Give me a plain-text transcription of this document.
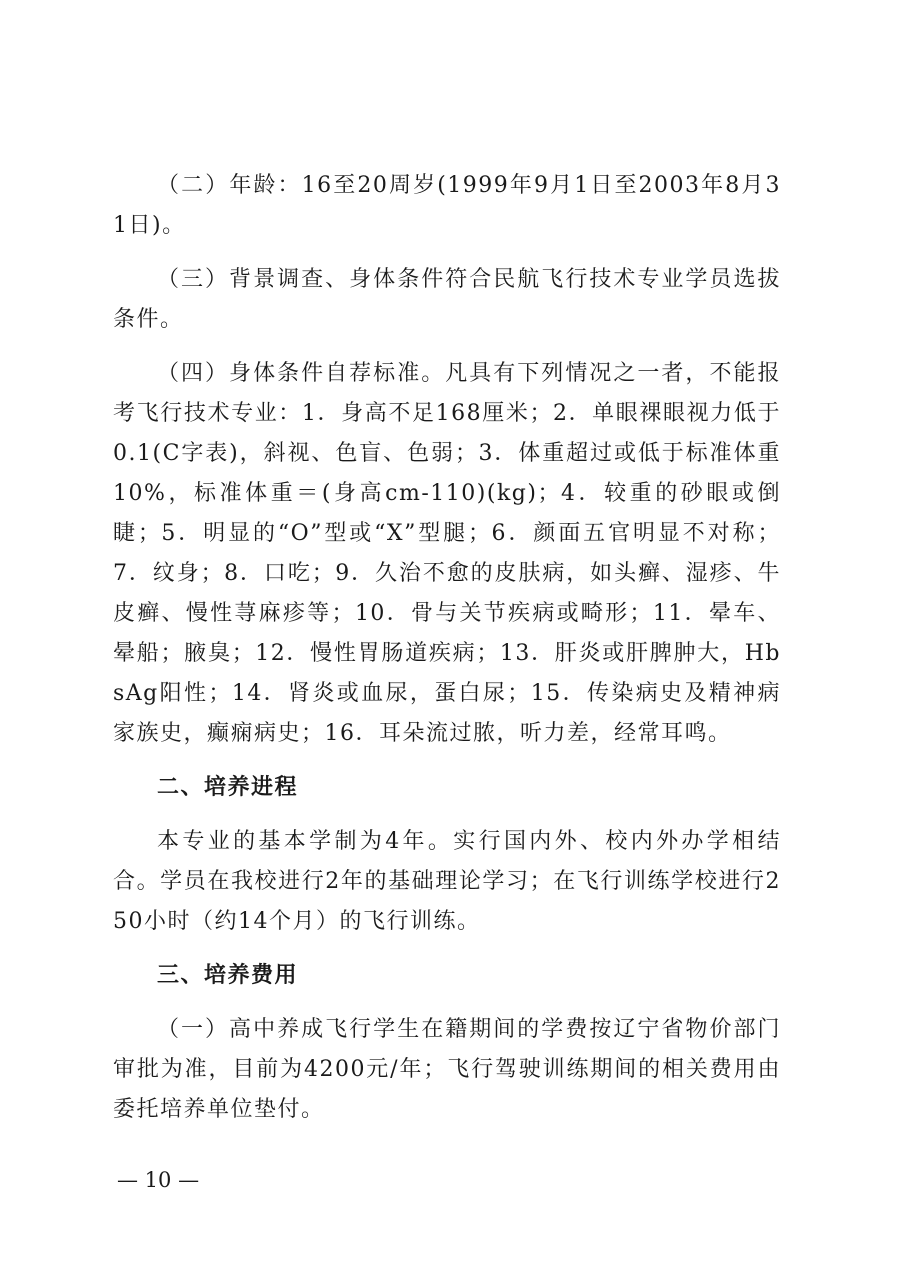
（二）年龄：16至20周岁(1999年9月1日至2003年8月31日)。

（三）背景调查、身体条件符合民航飞行技术专业学员选拔条件。

（四）身体条件自荐标准。凡具有下列情况之一者，不能报考飞行技术专业：1．身高不足168厘米；2．单眼裸眼视力低于0.1(C字表)，斜视、色盲、色弱；3．体重超过或低于标准体重10%，标准体重＝(身高cm-110)(kg)；4．较重的砂眼或倒睫；5．明显的“O”型或“X”型腿；6．颜面五官明显不对称；7．纹身；8．口吃；9．久治不愈的皮肤病，如头癣、湿疹、牛皮癣、慢性荨麻疹等；10．骨与关节疾病或畸形；11．晕车、晕船；腋臭；12．慢性胃肠道疾病；13．肝炎或肝脾肿大，HbsAg阳性；14．肾炎或血尿，蛋白尿；15．传染病史及精神病家族史，癫痫病史；16．耳朵流过脓，听力差，经常耳鸣。

二、培养进程

本专业的基本学制为4年。实行国内外、校内外办学相结合。学员在我校进行2年的基础理论学习；在飞行训练学校进行250小时（约14个月）的飞行训练。

三、培养费用

（一）高中养成飞行学生在籍期间的学费按辽宁省物价部门审批为准，目前为4200元/年；飞行驾驶训练期间的相关费用由委托培养单位垫付。

— 10 —
